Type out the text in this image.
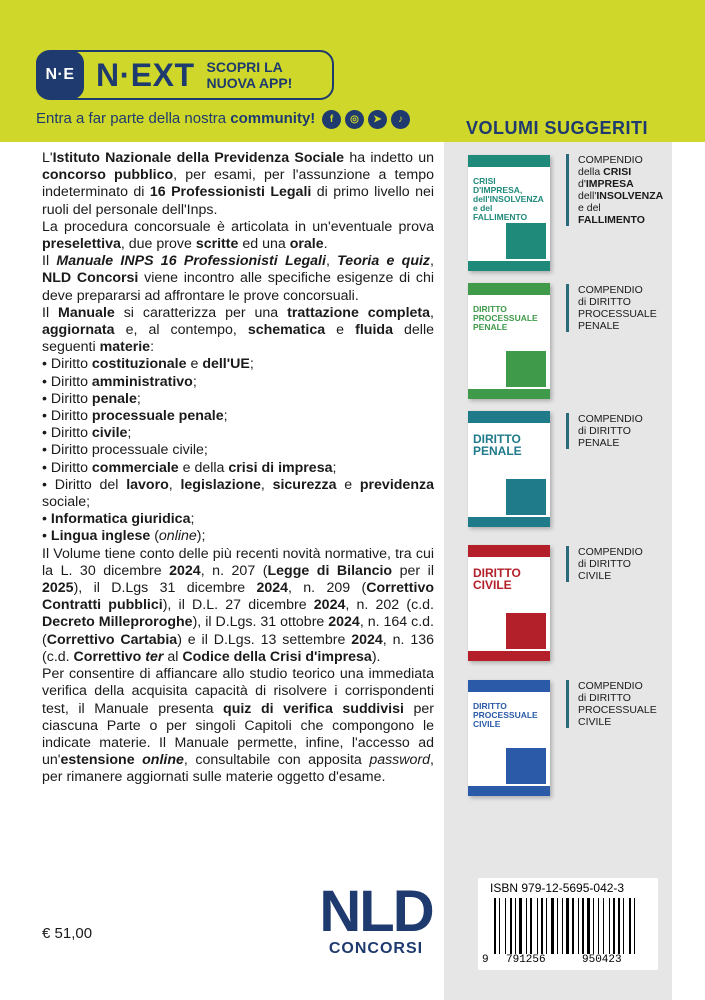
N·E N·EXT SCOPRI LA
NUOVA APP!
Entra a far parte della nostra community!	f	◎	➤	♪	VOLUMI SUGGERITI

L'Istituto Nazionale della Previdenza Sociale ha indetto un concorso pubblico, per esami, per l'assunzione a tempo indeterminato di 16 Professionisti Legali di primo livello nei ruoli del personale dell'Inps.

La procedura concorsuale è articolata in un'eventuale prova preselettiva, due prove scritte ed una orale.

Il Manuale INPS 16 Professionisti Legali, Teoria e quiz, NLD Concorsi viene incontro alle specifiche esigenze di chi deve prepararsi ad affrontare le prove concorsuali.

Il Manuale si caratterizza per una trattazione completa, aggiornata e, al contempo, schematica e fluida delle seguenti materie:

• Diritto costituzionale e dell'UE;
• Diritto amministrativo;
• Diritto penale;
• Diritto processuale penale;
• Diritto civile;
• Diritto processuale civile;
• Diritto commerciale e della crisi di impresa;
• Diritto del lavoro, legislazione, sicurezza e previdenza sociale;
• Informatica giuridica;
• Lingua inglese (online);

Il Volume tiene conto delle più recenti novità normative, tra cui la L. 30 dicembre 2024, n. 207 (Legge di Bilancio per il 2025), il D.Lgs 31 dicembre 2024, n. 209 (Correttivo Contratti pubblici), il D.L. 27 dicembre 2024, n. 202 (c.d. Decreto Milleproroghe), il D.Lgs. 31 ottobre 2024, n. 164 c.d. (Correttivo Cartabia) e il D.Lgs. 13 settembre 2024, n. 136 (c.d. Correttivo ter al Codice della Crisi d'impresa).

Per consentire di affiancare allo studio teorico una immediata verifica della acquisita capacità di risolvere i corrispondenti test, il Manuale presenta quiz di verifica suddivisi per ciascuna Parte o per singoli Capitoli che compongono le indicate materie. Il Manuale permette, infine, l'accesso ad un'estensione online, consultabile con apposita password, per rimanere aggiornati sulle materie oggetto d'esame.

CRISI D'IMPRESA, dell'INSOLVENZA e del FALLIMENTO
DIRITTO PROCESSUALE PENALE
DIRITTO PENALE
DIRITTO CIVILE
DIRITTO PROCESSUALE CIVILE
COMPENDIO
della CRISI
d'IMPRESA
dell'INSOLVENZA
e del FALLIMENTO
COMPENDIO
di DIRITTO
PROCESSUALE
PENALE
COMPENDIO
di DIRITTO
PENALE
COMPENDIO
di DIRITTO
CIVILE
COMPENDIO
di DIRITTO
PROCESSUALE
CIVILE
€ 51,00	NLD
CONCORSI
ISBN 979-12-5695-042-3
9 791256	950423
